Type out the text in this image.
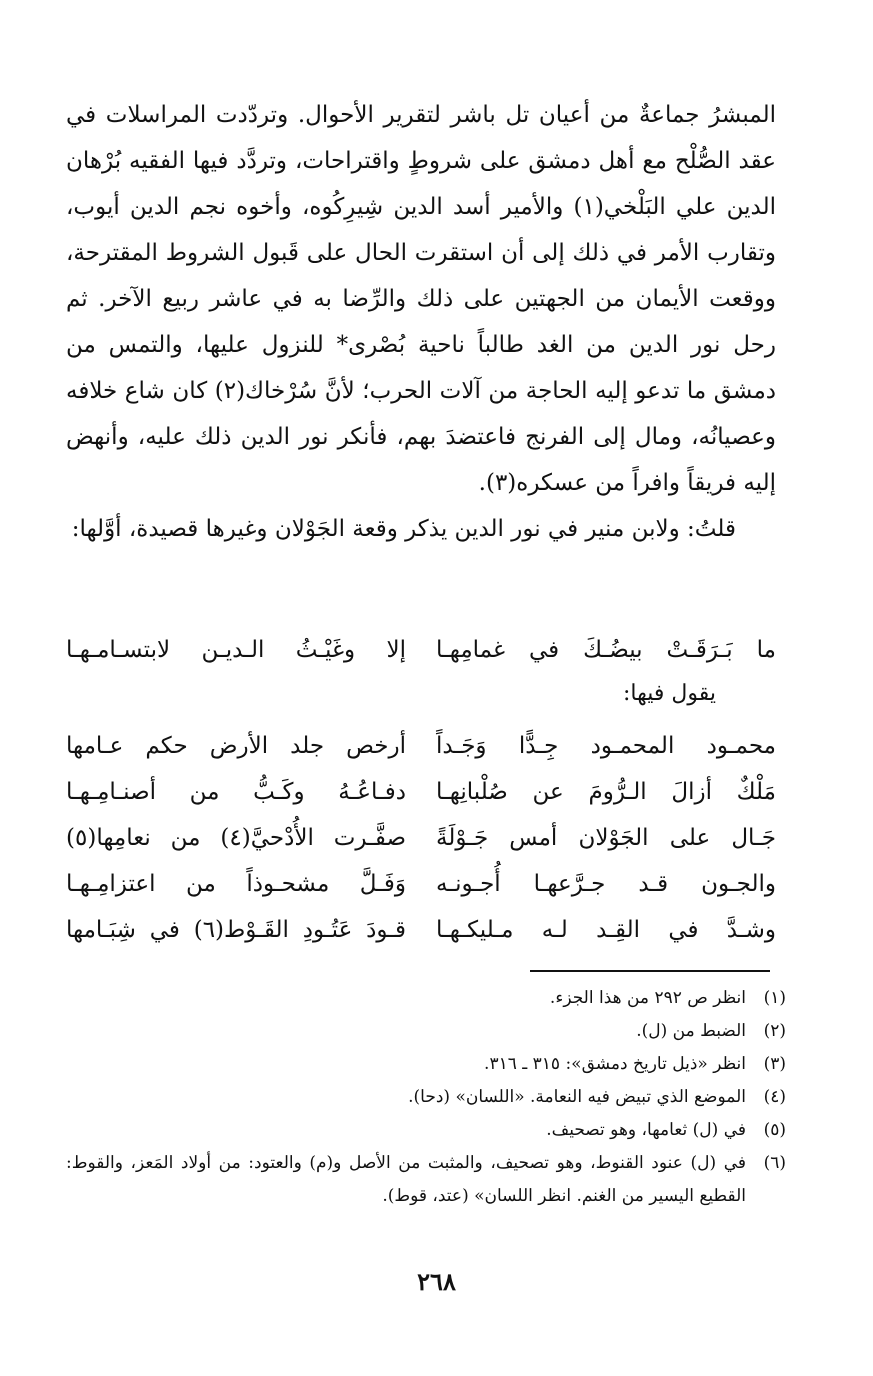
المبشرُ جماعةٌ من أعيان تل باشر لتقرير الأحوال. وتردّدت المراسلات في عقد الصُّلْح مع أهل دمشق على شروطٍ واقتراحات، وتردَّد فيها الفقيه بُرْهان الدين علي البَلْخي(١) والأمير أسد الدين شِيرِكُوه، وأخوه نجم الدين أيوب، وتقارب الأمر في ذلك إلى أن استقرت الحال على قَبول الشروط المقترحة، ووقعت الأيمان من الجهتين على ذلك والرِّضا به في عاشر ربيع الآخر. ثم رحل نور الدين من الغد طالباً ناحية بُصْرى* للنزول عليها، والتمس من دمشق ما تدعو إليه الحاجة من آلات الحرب؛ لأنَّ سُرْخاك(٢) كان شاع خلافه وعصيانُه، ومال إلى الفرنج فاعتضدَ بهم، فأنكر نور الدين ذلك عليه، وأنهض إليه فريقاً وافراً من عسكره(٣).

قلتُ: ولابن منير في نور الدين يذكر وقعة الجَوْلان وغيرها قصيدة، أوَّلها:

ما بَـرَقَـتْ بيضُـكَ في غمامِهـا
إلا وغَيْـثُ الـديـن لابتسـامـهـا
يقول فيها:
محمـود المحمـود جِـدًّا وَجَـداً
أرخص جلد الأرض حكم عـامها
مَلْكٌ أزالَ الـرُّومَ عن صُلْبانِهـا
دفـاعُـهُ وكَـبُّ من أصنـامِـهـا
جَـال على الجَوْلان أمس جَـوْلَةً
صفَّـرت الأُدْحيَّ(٤) من نعامِها(٥)
والجـون قـد جـرَّعهـا أُجـونـه
وَفَـلَّ مشحـوذاً من اعتزامِـهـا
وشـدَّ في القِـد لـه مـليكـهـا
قـودَ عَتُـودِ القَـوْط(٦) في شِبَـامها
(١)
انظر ص ٢٩٢ من هذا الجزء.
(٢)
الضبط من (ل).
(٣)
انظر «ذيل تاريخ دمشق»: ٣١٥ ـ ٣١٦.
(٤)
الموضع الذي تبيض فيه النعامة. «اللسان» (دحا).
(٥)
في (ل) ثعامها، وهو تصحيف.
(٦)
في (ل) عنود القنوط، وهو تصحيف، والمثبت من الأصل و(م) والعتود: من أولاد المَعز، والقوط: القطيع اليسير من الغنم. انظر اللسان» (عتد، قوط).
٢٦٨
